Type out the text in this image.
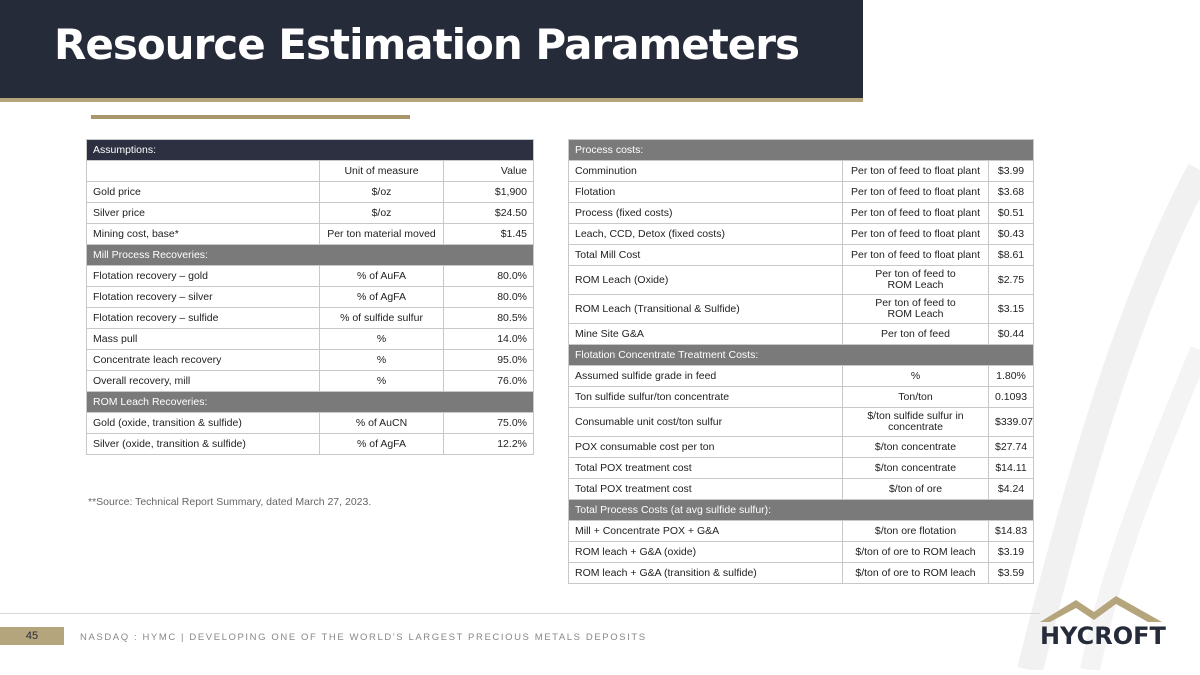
Resource Estimation Parameters
Assumptions:		
	Unit of measure	Value
Gold price	$/oz	$1,900
Silver price	$/oz	$24.50
Mining cost, base*	Per ton material moved	$1.45
Mill Process Recoveries:		
Flotation recovery – gold	% of AuFA	80.0%
Flotation recovery – silver	% of AgFA	80.0%
Flotation recovery – sulfide	% of sulfide sulfur	80.5%
Mass pull	%	14.0%
Concentrate leach recovery	%	95.0%
Overall recovery, mill	%	76.0%
ROM Leach Recoveries:		
Gold (oxide, transition & sulfide)	% of AuCN	75.0%
Silver (oxide, transition & sulfide)	% of AgFA	12.2%
**Source: Technical Report Summary, dated March 27, 2023.
Process costs:		
Comminution	Per ton of feed to float plant	$3.99
Flotation	Per ton of feed to float plant	$3.68
Process (fixed costs)	Per ton of feed to float plant	$0.51
Leach, CCD, Detox (fixed costs)	Per ton of feed to float plant	$0.43
Total Mill Cost	Per ton of feed to float plant	$8.61
ROM Leach (Oxide)	Per ton of feed to ROM Leach	$2.75
ROM Leach (Transitional & Sulfide)	Per ton of feed to ROM Leach	$3.15
Mine Site G&A	Per ton of feed	$0.44
Flotation Concentrate Treatment Costs:		
Assumed sulfide grade in feed	%	1.80%
Ton sulfide sulfur/ton concentrate	Ton/ton	0.1093
Consumable unit cost/ton sulfur	$/ton sulfide sulfur in concentrate	$339.07
POX consumable cost per ton	$/ton concentrate	$27.74
Total POX treatment cost	$/ton concentrate	$14.11
Total POX treatment cost	$/ton of ore	$4.24
Total Process Costs (at avg sulfide sulfur):		
Mill + Concentrate POX + G&A	$/ton ore flotation	$14.83
ROM leach + G&A (oxide)	$/ton of ore to ROM leach	$3.19
ROM leach + G&A (transition & sulfide)	$/ton of ore to ROM leach	$3.59
45	NASDAQ : HYMC | DEVELOPING ONE OF THE WORLD'S LARGEST PRECIOUS METALS DEPOSITS	HYCROFT
